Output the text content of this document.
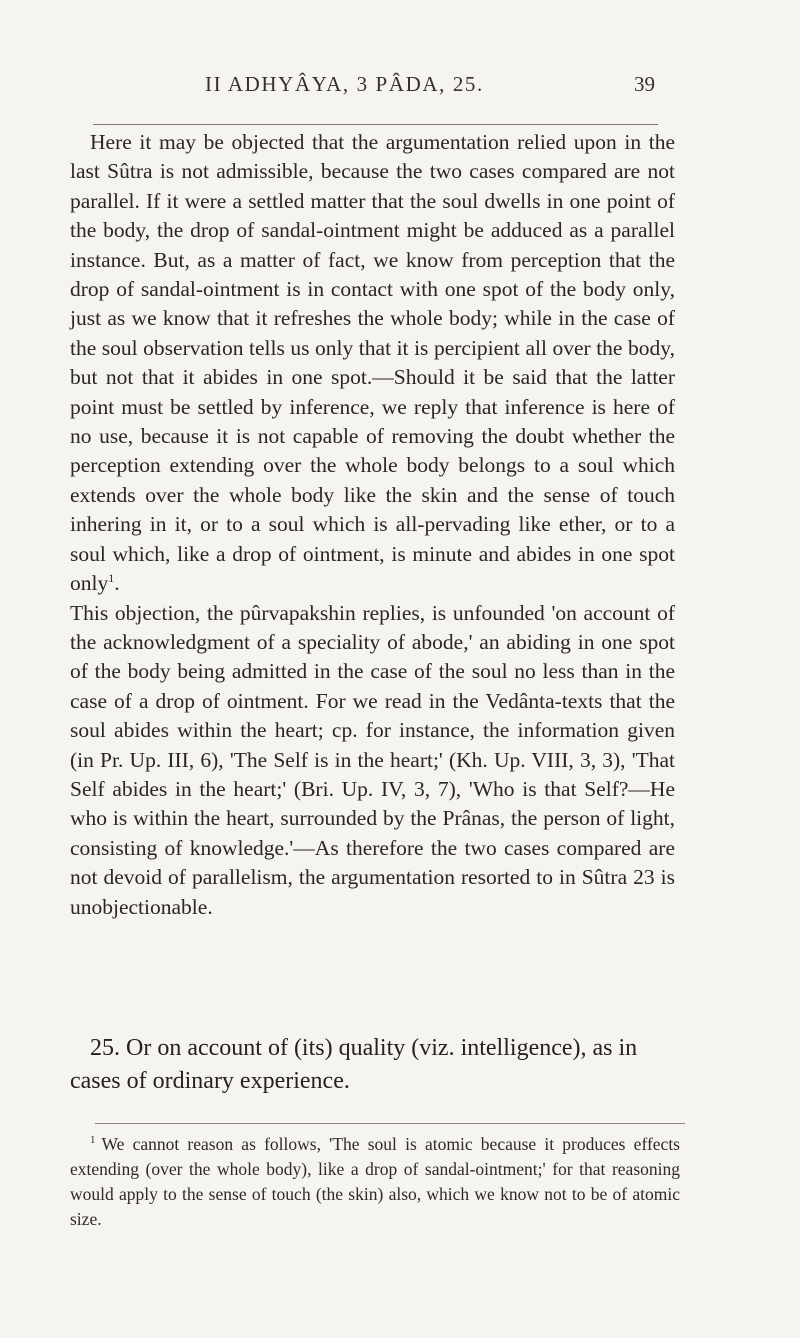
II ADHYÂYA, 3 PÂDA, 25.	39

Here it may be objected that the argumentation relied upon in the last Sûtra is not admissible, because the two cases compared are not parallel. If it were a settled matter that the soul dwells in one point of the body, the drop of sandal-ointment might be adduced as a parallel instance. But, as a matter of fact, we know from perception that the drop of sandal-ointment is in contact with one spot of the body only, just as we know that it refreshes the whole body; while in the case of the soul observation tells us only that it is percipient all over the body, but not that it abides in one spot.—Should it be said that the latter point must be settled by inference, we reply that inference is here of no use, because it is not capable of removing the doubt whether the perception extending over the whole body belongs to a soul which extends over the whole body like the skin and the sense of touch inhering in it, or to a soul which is all-pervading like ether, or to a soul which, like a drop of ointment, is minute and abides in one spot only$^1$.

This objection, the pûrvapakshin replies, is unfounded 'on account of the acknowledgment of a speciality of abode,' an abiding in one spot of the body being admitted in the case of the soul no less than in the case of a drop of ointment. For we read in the Vedânta-texts that the soul abides within the heart; cp. for instance, the information given (in Pr. Up. III, 6), 'The Self is in the heart;' (Kh. Up. VIII, 3, 3), 'That Self abides in the heart;' (Bri. Up. IV, 3, 7), 'Who is that Self?—He who is within the heart, surrounded by the Prânas, the person of light, consisting of knowledge.'—As therefore the two cases compared are not devoid of parallelism, the argumentation resorted to in Sûtra 23 is unobjectionable.

25. Or on account of (its) quality (viz. intelligence), as in cases of ordinary experience.

$^1$ We cannot reason as follows, 'The soul is atomic because it produces effects extending (over the whole body), like a drop of sandal-ointment;' for that reasoning would apply to the sense of touch (the skin) also, which we know not to be of atomic size.
